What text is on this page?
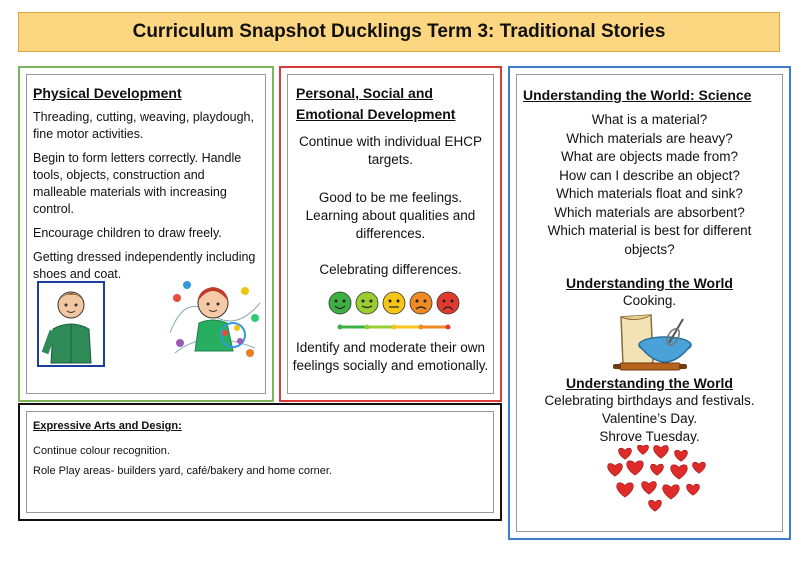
Curriculum Snapshot Ducklings Term 3: Traditional Stories
Physical Development

Threading, cutting, weaving, playdough, fine motor activities.

Begin to form letters correctly. Handle tools, objects, construction and malleable materials with increasing control.

Encourage children to draw freely.

Getting dressed independently including shoes and coat.

Personal, Social and Emotional Development
Continue with individual EHCP targets.
Good to be me feelings.
Learning about qualities and differences.
Celebrating differences.
Identify and moderate their own feelings socially and emotionally.
Understanding the World: Science
What is a material?
Which materials are heavy?
What are objects made from?
How can I describe an object?
Which materials float and sink?
Which materials are absorbent?
Which material is best for different objects?
Understanding the World
Cooking.
Understanding the World
Celebrating birthdays and festivals.
Valentine’s Day.
Shrove Tuesday.
Expressive Arts and Design:
Continue colour recognition.
Role Play areas- builders yard, café/bakery and home corner.
